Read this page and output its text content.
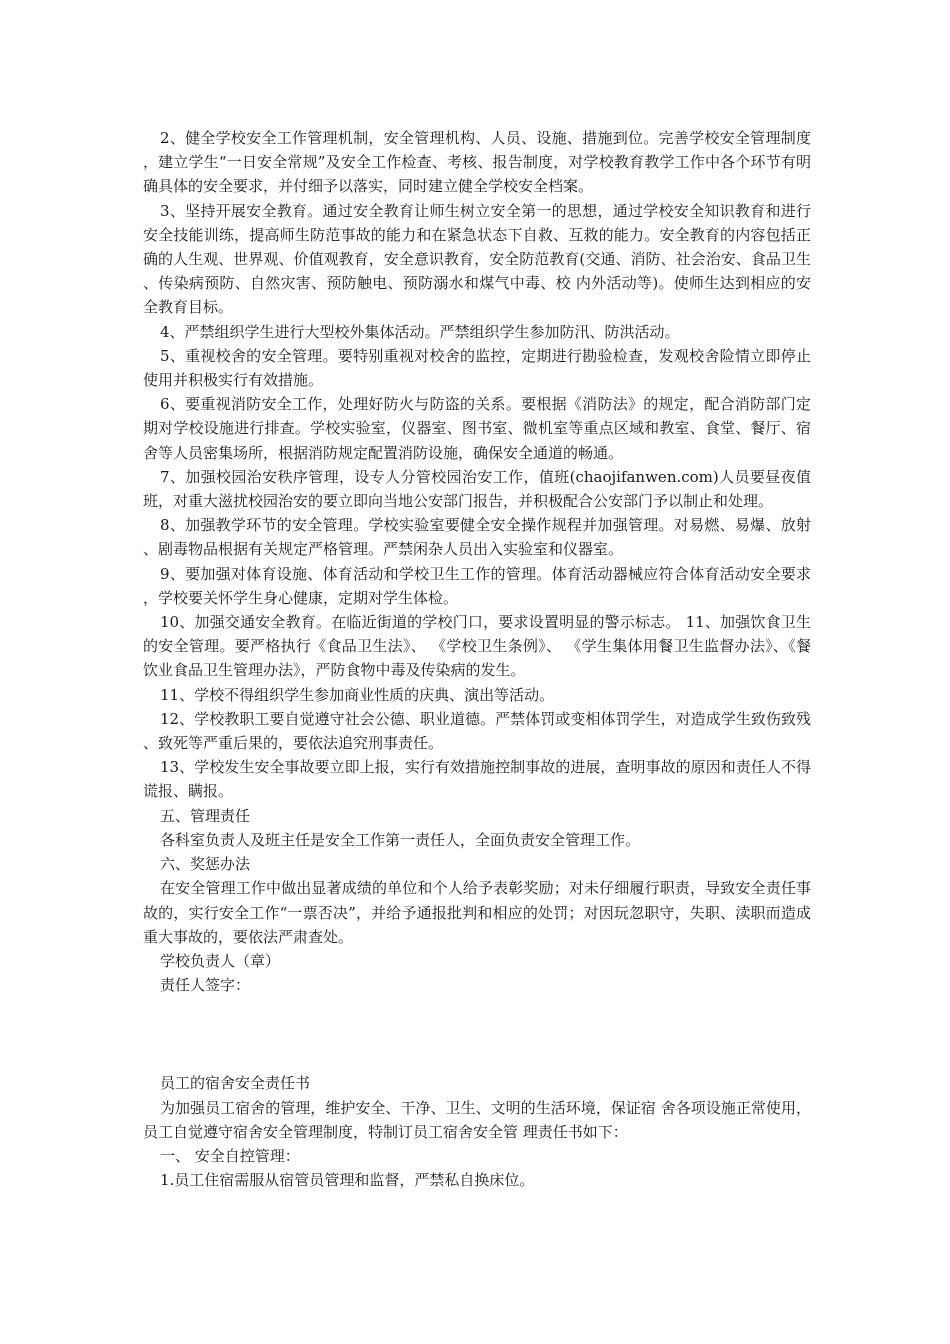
2、健全学校安全工作管理机制，安全管理机构、人员、设施、措施到位。完善学校安全管理制度，建立学生“一日安全常规”及安全工作检查、考核、报告制度，对学校教育教学工作中各个环节有明确具体的安全要求，并付细予以落实，同时建立健全学校安全档案。

3、坚持开展安全教育。通过安全教育让师生树立安全第一的思想，通过学校安全知识教育和进行安全技能训练，提高师生防范事故的能力和在紧急状态下自救、互救的能力。安全教育的内容包括正确的人生观、世界观、价值观教育，安全意识教育，安全防范教育(交通、消防、社会治安、食品卫生、传染病预防、自然灾害、预防触电、预防溺水和煤气中毒、校 内外活动等)。使师生达到相应的安全教育目标。

4、严禁组织学生进行大型校外集体活动。严禁组织学生参加防汛、防洪活动。

5、重视校舍的安全管理。要特别重视对校舍的监控，定期进行勘验检查，发观校舍险情立即停止使用并积极实行有效措施。

6、要重视消防安全工作，处理好防火与防盗的关系。要根据《消防法》的规定，配合消防部门定期对学校设施进行排查。学校实验室，仪器室、图书室、微机室等重点区域和教室、食堂、餐厅、宿舍等人员密集场所，根据消防规定配置消防设施，确保安全通道的畅通。

7、加强校园治安秩序管理，设专人分管校园治安工作，值班(chaojifanwen.com)人员要昼夜值班，对重大滋扰校园治安的要立即向当地公安部门报告，并积极配合公安部门予以制止和处理。

8、加强教学环节的安全管理。学校实验室要健全安全操作规程并加强管理。对易燃、易爆、放射、剧毒物品根据有关规定严格管理。严禁闲杂人员出入实验室和仪器室。

9、要加强对体育设施、体育活动和学校卫生工作的管理。体育活动器械应符合体育活动安全要求，学校要关怀学生身心健康，定期对学生体检。

10、加强交通安全教育。在临近街道的学校门口，要求设置明显的警示标志。 11、加强饮食卫生的安全管理。要严格执行《食品卫生法》、 《学校卫生条例》、 《学生集体用餐卫生监督办法》、《餐饮业食品卫生管理办法》，严防食物中毒及传染病的发生。

11、学校不得组织学生参加商业性质的庆典、演出等活动。

12、学校教职工要自觉遵守社会公德、职业道德。严禁体罚或变相体罚学生，对造成学生致伤致残、致死等严重后果的，要依法追究刑事责任。

13、学校发生安全事故要立即上报，实行有效措施控制事故的进展，查明事故的原因和责任人不得谎报、瞒报。

五、管理责任

各科室负责人及班主任是安全工作第一责任人，全面负责安全管理工作。

六、奖惩办法

在安全管理工作中做出显著成绩的单位和个人给予表彰奖励；对未仔细履行职责，导致安全责任事故的，实行安全工作“一票否决”，并给予通报批判和相应的处罚；对因玩忽职守，失职、渎职而造成重大事故的，要依法严肃查处。

学校负责人（章）

责任人签字：

员工的宿舍安全责任书

为加强员工宿舍的管理，维护安全、干净、卫生、文明的生活环境，保证宿 舍各项设施正常使用， 员工自觉遵守宿舍安全管理制度，特制订员工宿舍安全管 理责任书如下：

一、 安全自控管理：

1.员工住宿需服从宿管员管理和监督，严禁私自换床位。
